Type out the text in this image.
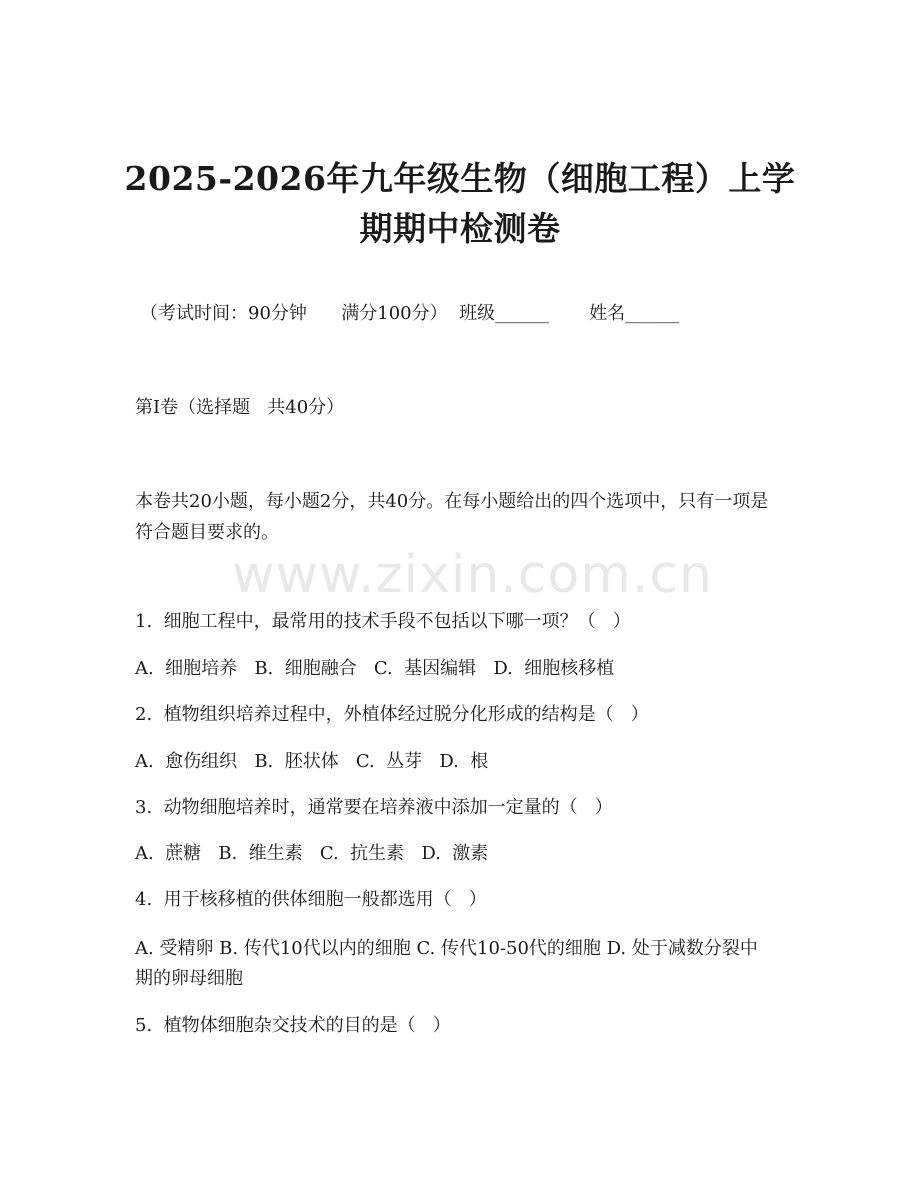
2025-2026年九年级生物（细胞工程）上学
期期中检测卷
（考试时间：90分钟 满分100分） 班级______ 姓名______
第I卷（选择题   共40分）
本卷共20小题，每小题2分，共40分。在每小题给出的四个选项中，只有一项是符合题目要求的。
www.zixin.com.cn
1.  细胞工程中，最常用的技术手段不包括以下哪一项？（   ）
A.  细胞培养   B.  细胞融合   C.  基因编辑   D.  细胞核移植
2.  植物组织培养过程中，外植体经过脱分化形成的结构是（   ）
A.  愈伤组织   B.  胚状体   C.  丛芽   D.  根
3.  动物细胞培养时，通常要在培养液中添加一定量的（   ）
A.  蔗糖   B.  维生素   C.  抗生素   D.  激素
4.  用于核移植的供体细胞一般都选用（   ）
A. 受精卵 B. 传代10代以内的细胞 C. 传代10-50代的细胞 D. 处于减数分裂中期的卵母细胞
5.  植物体细胞杂交技术的目的是（   ）
